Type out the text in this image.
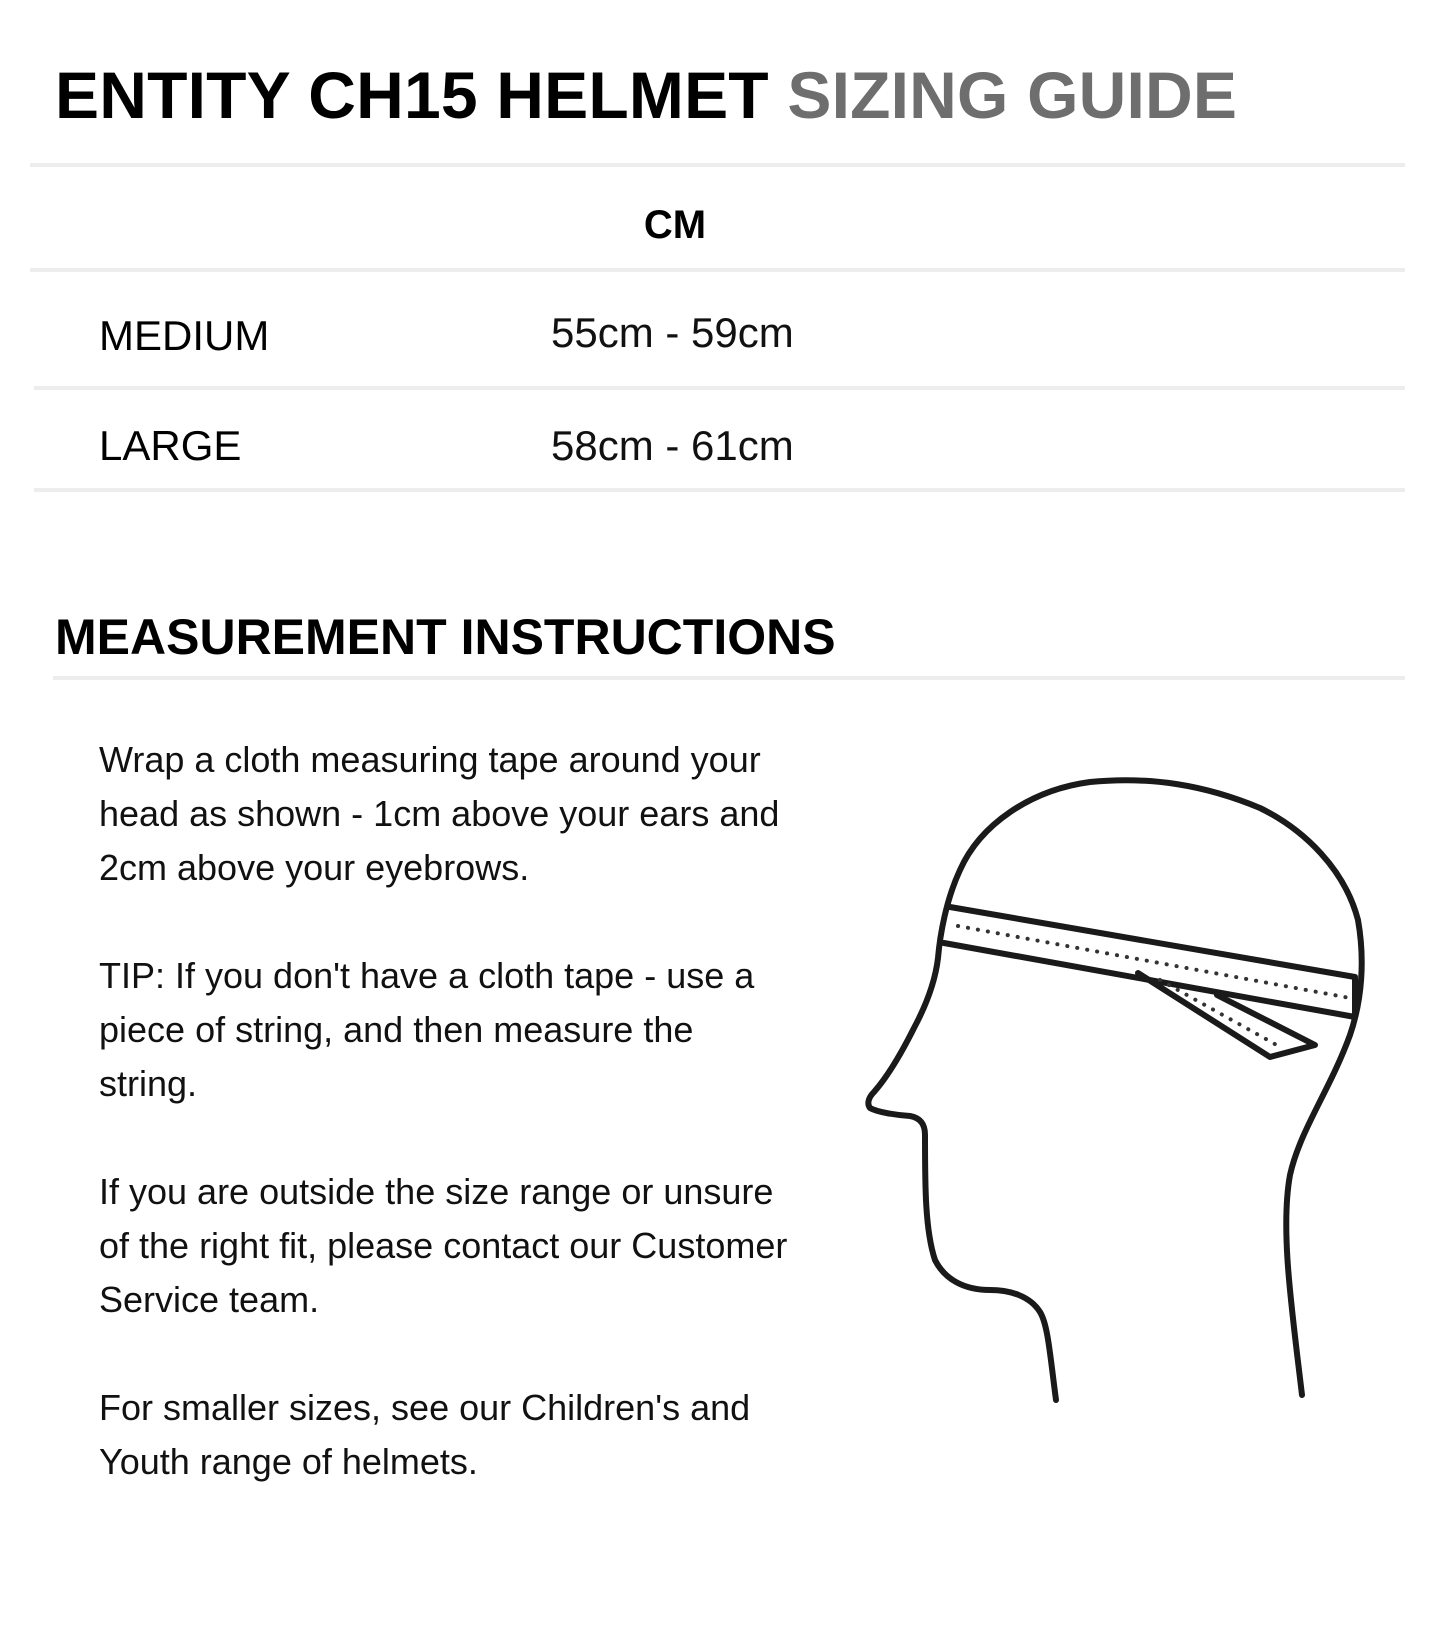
ENTITY CH15 HELMET SIZING GUIDE
CM
MEDIUM	55cm - 59cm
LARGE	58cm - 61cm
MEASUREMENT INSTRUCTIONS

Wrap a cloth measuring tape around your head as shown - 1cm above your ears and 2cm above your eyebrows.

TIP: If you don't have a cloth tape - use a piece of string, and then measure the string.

If you are outside the size range or unsure of the right fit, please contact our Customer Service team.

For smaller sizes, see our Children's and Youth range of helmets.
